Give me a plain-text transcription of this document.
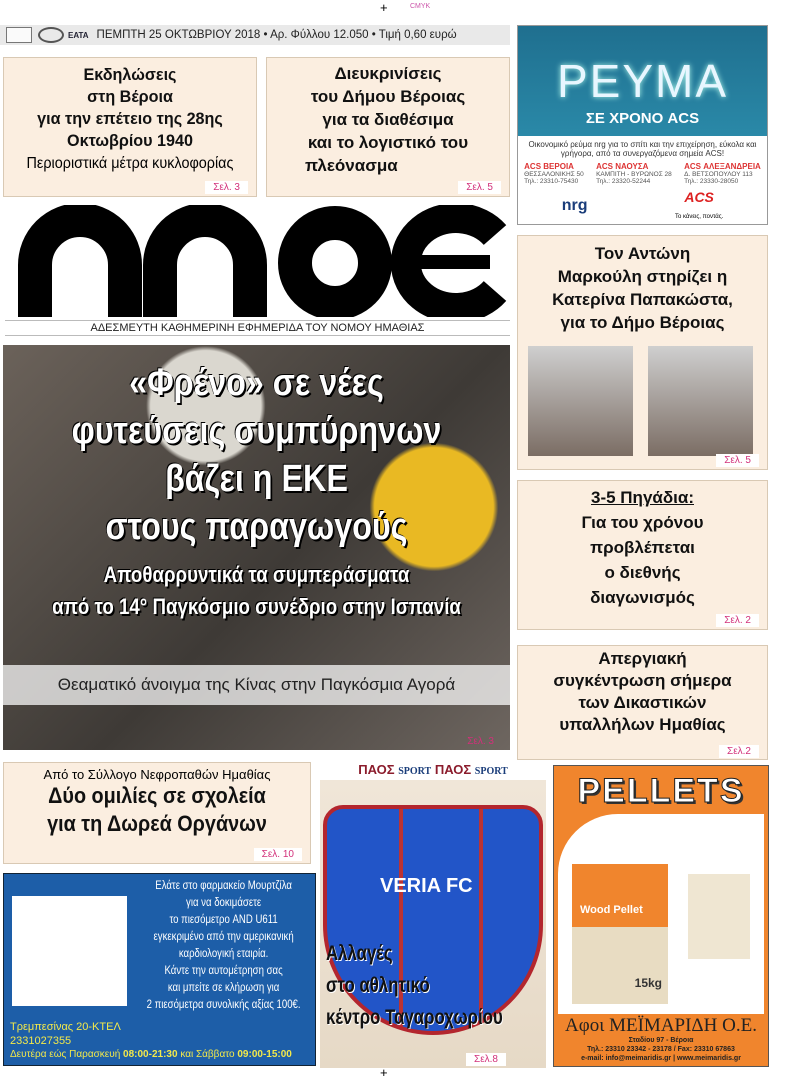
+	CMYK
ΕΑΤΑ ΠΕΜΠΤΗ 25 ΟΚΤΩΒΡΙΟΥ 2018 • Αρ. Φύλλου 12.050 • Τιμή 0,60 ευρώ
Εκδηλώσεις
στη Βέροια
για την επέτειο της 28ης
Οκτωβρίου 1940
Περιοριστικά μέτρα κυκλοφορίας
Σελ. 3
Διευκρινίσεις
του Δήμου Βέροιας
για τα διαθέσιμα
και το λογιστικό του
πλεόνασμα
Σελ. 5
ΡΕΥΜΑ
ΣΕ ΧΡΟΝΟ ACS
Οικονομικό ρεύμα nrg για το σπίτι και την επιχείρηση, εύκολα και γρήγορα, από τα συνεργαζόμενα σημεία ACS!
ACS ΒΕΡΟΙΑ
ΘΕΣΣΑΛΟΝΙΚΗΣ 50
Τηλ.: 23310-75430
ACS ΝΑΟΥΣΑ
ΚΑΜΠΙΤΗ - ΒΥΡΩΝΟΣ 28
Τηλ.: 23320-52244
ACS ΑΛΕΞΑΝΔΡΕΙΑ
Δ. ΒΕΤΣΟΠΟΥΛΟΥ 113
Τηλ.: 23330-28050
nrg	ACS
Το κάνεις, ποντάς.
ΑΔΕΣΜΕΥΤΗ ΚΑΘΗΜΕΡΙΝΗ ΕΦΗΜΕΡΙΔΑ ΤΟΥ ΝΟΜΟΥ ΗΜΑΘΙΑΣ
«Φρένο» σε νέες
φυτεύσεις συμπύρηνων
βάζει η ΕΚΕ
στους παραγωγούς
Αποθαρρυντικά τα συμπεράσματα
από το 14° Παγκόσμιο συνέδριο στην Ισπανία
Θεαματικό άνοιγμα της Κίνας στην Παγκόσμια Αγορά
Σελ. 3
Τον Αντώνη
Μαρκούλη στηρίζει η
Κατερίνα Παπακώστα,
για το Δήμο Βέροιας
Σελ. 5
3-5 Πηγάδια:
Για του χρόνου
προβλέπεται
ο διεθνής
διαγωνισμός
Σελ. 2
Απεργιακή
συγκέντρωση σήμερα
των Δικαστικών
υπαλλήλων Ημαθίας
Σελ.2
Από το Σύλλογο Νεφροπαθών Ημαθίας
Δύο ομιλίες σε σχολεία
για τη Δωρεά Οργάνων
Σελ. 10
Ελάτε στο φαρμακείο Μουρτζίλα
για να δοκιμάσετε
το πιεσόμετρο AND U611
εγκεκριμένο από την αμερικανική
καρδιολογική εταιρία.
Κάντε την αυτομέτρηση σας
και μπείτε σε κλήρωση για
2 πιεσόμετρα συνολικής αξίας 100€.
Τρεμπεσίνας 20-ΚΤΕΛ
2331027355
Δευτέρα εώς Παρασκευή 08:00-21:30 και Σάββατο 09:00-15:00
ΠΑΟΣ SPORT ΠΑΟΣ SPORT
VERIA FC
Αλλαγές
στο αθλητικό
κέντρο Ταγαροχωρίου
Σελ.8
PELLETS
Wood Pellet
15kg
Αφοι ΜΕΪΜΑΡΙΔΗ Ο.Ε.
Σταδίου 97 - Βέροια
Τηλ.: 23310 23342 - 23178 / Fax: 23310 67863
e-mail: info@meimaridis.gr | www.meimaridis.gr
+
